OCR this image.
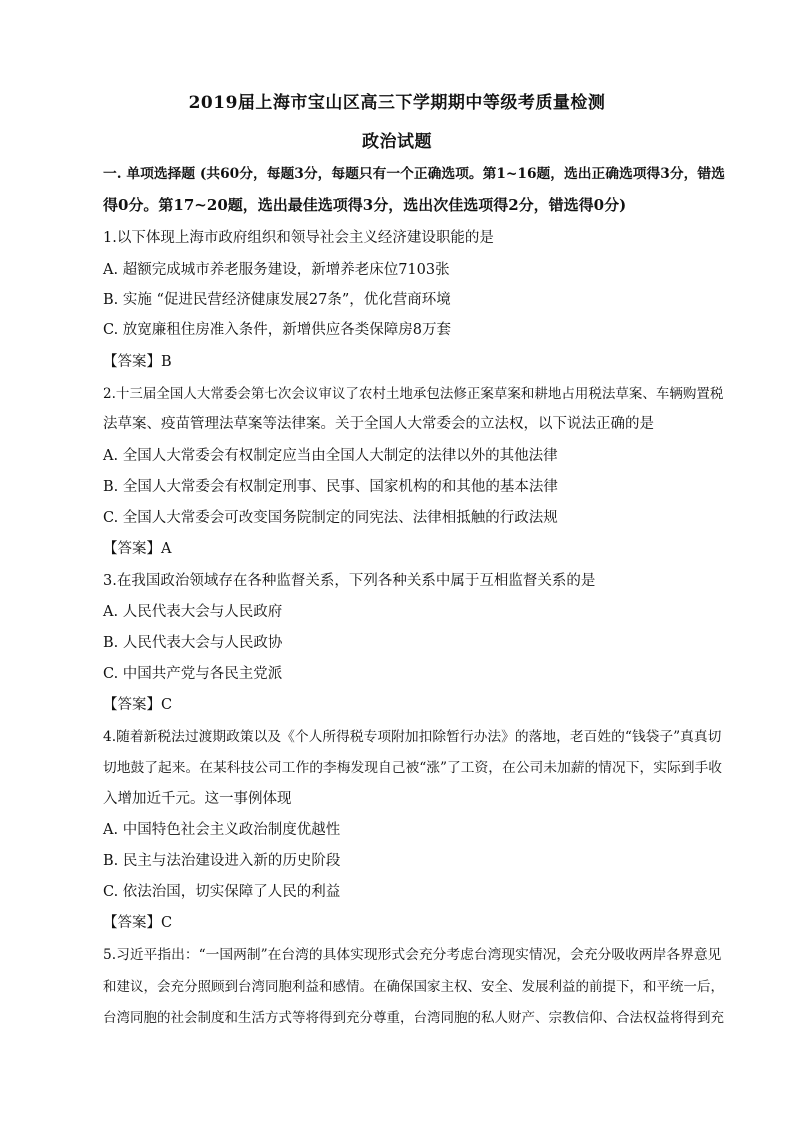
2019届上海市宝山区高三下学期期中等级考质量检测
政治试题
一. 单项选择题 (共60分，每题3分，每题只有一个正确选项。第1~16题，选出正确选项得3分，错选
得0分。第17~20题，选出最佳选项得3分，选出次佳选项得2分，错选得0分)
1.以下体现上海市政府组织和领导社会主义经济建设职能的是
A. 超额完成城市养老服务建设，新增养老床位7103张
B. 实施 “促进民营经济健康发展27条”，优化营商环境
C. 放宽廉租住房准入条件，新增供应各类保障房8万套
【答案】B
2.十三届全国人大常委会第七次会议审议了农村土地承包法修正案草案和耕地占用税法草案、车辆购置税
法草案、疫苗管理法草案等法律案。关于全国人大常委会的立法权，以下说法正确的是
A. 全国人大常委会有权制定应当由全国人大制定的法律以外的其他法律
B. 全国人大常委会有权制定刑事、民事、国家机构的和其他的基本法律
C. 全国人大常委会可改变国务院制定的同宪法、法律相抵触的行政法规
【答案】A
3.在我国政治领域存在各种监督关系，下列各种关系中属于互相监督关系的是
A. 人民代表大会与人民政府
B. 人民代表大会与人民政协
C. 中国共产党与各民主党派
【答案】C
4.随着新税法过渡期政策以及《个人所得税专项附加扣除暂行办法》的落地，老百姓的“钱袋子”真真切
切地鼓了起来。在某科技公司工作的李梅发现自己被“涨”了工资，在公司未加薪的情况下，实际到手收
入增加近千元。这一事例体现
A. 中国特色社会主义政治制度优越性
B. 民主与法治建设进入新的历史阶段
C. 依法治国，切实保障了人民的利益
【答案】C
5.习近平指出：“一国两制”在台湾的具体实现形式会充分考虑台湾现实情况，会充分吸收两岸各界意见
和建议，会充分照顾到台湾同胞利益和感情。在确保国家主权、安全、发展利益的前提下，和平统一后，
台湾同胞的社会制度和生活方式等将得到充分尊重，台湾同胞的私人财产、宗教信仰、合法权益将得到充
